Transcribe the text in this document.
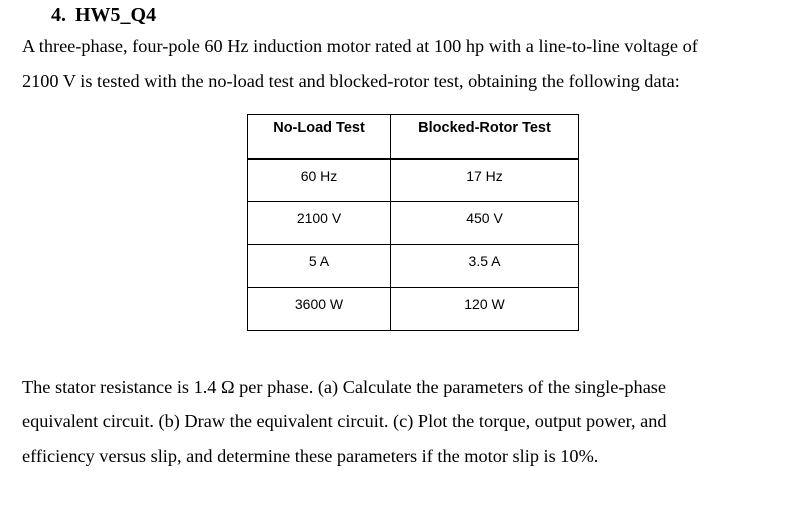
4. HW5_Q4
A three-phase, four-pole 60 Hz induction motor rated at 100 hp with a line-to-line voltage of
2100 V is tested with the no-load test and blocked-rotor test, obtaining the following data:
No-Load Test	Blocked-Rotor Test
60 Hz	17 Hz
2100 V	450 V
5 A	3.5 A
3600 W	120 W
The stator resistance is 1.4 Ω per phase. (a) Calculate the parameters of the single-phase
equivalent circuit. (b) Draw the equivalent circuit. (c) Plot the torque, output power, and
efficiency versus slip, and determine these parameters if the motor slip is 10%.
